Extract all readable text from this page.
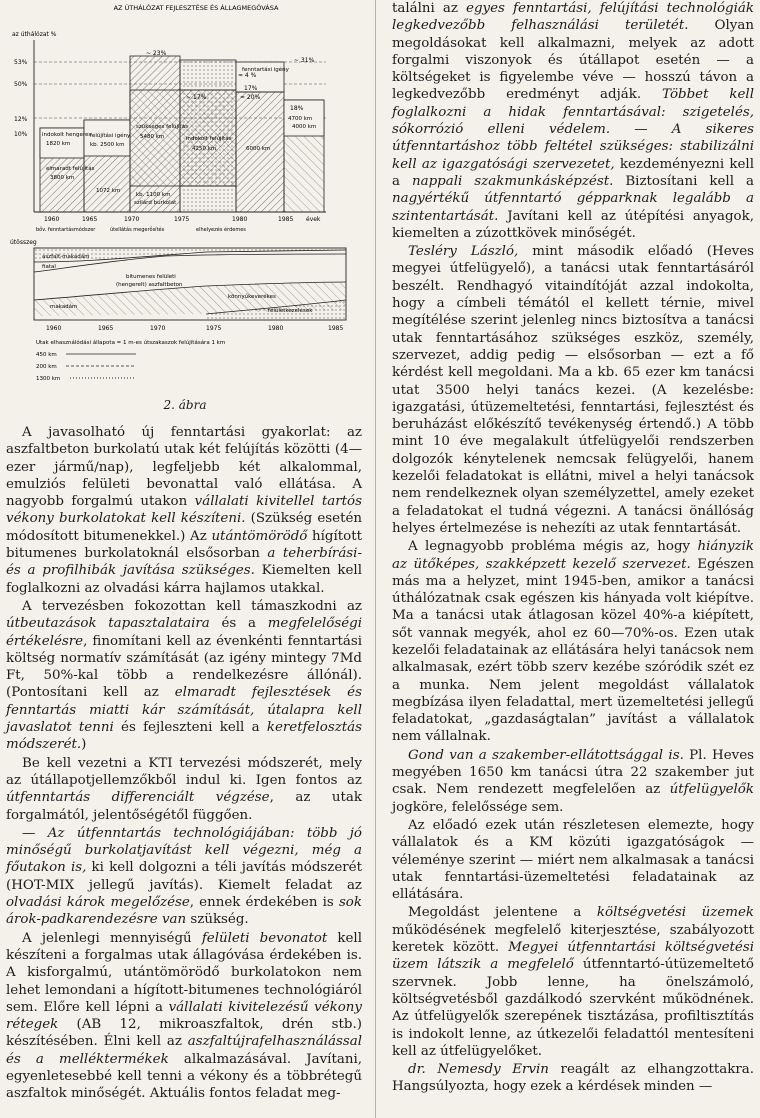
AZ ÚTHÁLÓZAT FEJLESZTÉSE ÉS ÁLLAGMEGÓVÁSA
az úthálózat %
53%
50%
12%
10%
~ 23%
~ 31%
≈ 4 %
~ 17%	≈ 20%
17%
18%
fenntartási igény
felújítási igény
kb. 2500 km
4700 km
szükséges felújítás
5480 km
4000 km
indokolt felújítás
4250 km	6000 km
elmaradt felújítás
3800 km
1072 km
indokolt hengeres
1820 km
kb. 1100 km
szilárd burkolat
1960	1965	1970	1975	1980	1985 évek
bőv. fenntartásmódszer	útellátás megerősítés	elhelyezés érdemes
útösszeg
aszfalt-makadám
fiatal
bitumenes felületi
(hengerelt) aszfaltbeton
makadám
könnyűkeverékes
felületkezelések
1960	1965	1970	1975	1980	1985
Utak elhasználódási állapota = 1 m-es útszakaszok felújítására 1 km
450 km
200 km
1300 km
2. ábra

A javasolható új fenntartási gyakorlat: az aszfaltbeton burkolatú utak két felújítás közötti (4— ezer jármű/nap), legfeljebb két alkalommal, emulziós felületi bevonattal való ellátása. A nagyobb forgalmú utakon vállalati kivitellel tartós vékony burkolatokat kell készíteni. (Szükség esetén módosított bitumenekkel.) Az utántömörödő hígított bitumenes burkolatoknál elsősorban a teherbírási- és a profilhibák javítása szükséges. Kiemelten kell foglalkozni az olvadási kárra hajlamos utakkal.

A tervezésben fokozottan kell támaszkodni az útbeutazások tapasztalataira és a megfelelőségi értékelésre, finomítani kell az évenkénti fenntartási költség normatív számítását (az igény mintegy 7Md Ft, 50%-kal több a rendelkezésre állónál). (Pontosítani kell az elmaradt fejlesztések és fenntartás miatti kár számítását, útalapra kell javaslatot tenni és fejleszteni kell a keretfelosztás módszerét.)

Be kell vezetni a KTI tervezési módszerét, mely az útállapotjellemzőkből indul ki. Igen fontos az útfenntartás differenciált végzése, az utak forgalmától, jelentőségétől függően.

— Az útfenntartás technológiájában: több jó minőségű burkolatjavítást kell végezni, még a főutakon is, ki kell dolgozni a téli javítás módszerét (HOT-MIX jellegű javítás). Kiemelt feladat az olvadási károk megelőzése, ennek érdekében is sok árok-padkarendezésre van szükség.

A jelenlegi mennyiségű felületi bevonatot kell készíteni a forgalmas utak állagóvása érdekében is. A kisforgalmú, utántömörödő burkolatokon nem lehet lemondani a hígított-bitumenes technológiáról sem. Előre kell lépni a vállalati kivitelezésű vékony rétegek (AB 12, mikroaszfaltok, drén stb.) készítésében. Élni kell az aszfaltújrafelhasználással és a melléktermékek alkalmazásával. Javítani, egyenletesebbé kell tenni a vékony és a többrétegű aszfaltok minőségét. Aktuális fontos feladat meg-

találni az egyes fenntartási, felújítási technológiák legkedvezőbb felhasználási területét. Olyan megoldásokat kell alkalmazni, melyek az adott forgalmi viszonyok és útállapot esetén — a költségeket is figyelembe véve — hosszú távon a legkedvezőbb eredményt adják. Többet kell foglalkozni a hidak fenntartásával: szigetelés, sókorrózió elleni védelem. — A sikeres útfenntartáshoz több feltétel szükséges: stabilizálni kell az igazgatósági szervezetet, kezdeményezni kell a nappali szakmunkásképzést. Biztosítani kell a nagyértékű útfenntartó gépparknak legalább a szintentartását. Javítani kell az útépítési anyagok, kiemelten a zúzottkövek minőségét.

Tesléry László, mint második előadó (Heves megyei útfelügyelő), a tanácsi utak fenntartásáról beszélt. Rendhagyó vitaindítóját azzal indokolta, hogy a címbeli témától el kellett térnie, mivel megítélése szerint jelenleg nincs biztosítva a tanácsi utak fenntartásához szükséges eszköz, személy, szervezet, addig pedig — elsősorban — ezt a fő kérdést kell megoldani. Ma a kb. 65 ezer km tanácsi utat 3500 helyi tanács kezei. (A kezelésbe: igazgatási, útüzemeltetési, fenntartási, fejlesztést és beruházást előkészítő tevékenység értendő.) A több mint 10 éve megalakult útfelügyelői rendszerben dolgozók kénytelenek nemcsak felügyelői, hanem kezelői feladatokat is ellátni, mivel a helyi tanácsok nem rendelkeznek olyan személyzettel, amely ezeket a feladatokat el tudná végezni. A tanácsi önállóság helyes értelmezése is nehezíti az utak fenntartását.

A legnagyobb probléma mégis az, hogy hiányzik az ütőképes, szakképzett kezelő szervezet. Egészen más ma a helyzet, mint 1945-ben, amikor a tanácsi úthálózatnak csak egészen kis hányada volt kiépítve. Ma a tanácsi utak átlagosan közel 40%-a kiépített, sőt vannak megyék, ahol ez 60—70%-os. Ezen utak kezelői feladatainak az ellátására helyi tanácsok nem alkalmasak, ezért több szerv kezébe szóródik szét ez a munka. Nem jelent megoldást vállalatok megbízása ilyen feladattal, mert üzemeltetési jellegű feladatokat, „gazdaságtalan” javítást a vállalatok nem vállalnak.

Gond van a szakember-ellátottsággal is. Pl. Heves megyében 1650 km tanácsi útra 22 szakember jut csak. Nem rendezett megfelelően az útfelügyelők jogköre, felelőssége sem.

Az előadó ezek után részletesen elemezte, hogy vállalatok és a KM közúti igazgatóságok — véleménye szerint — miért nem alkalmasak a tanácsi utak fenntartási-üzemeltetési feladatainak az ellátására.

Megoldást jelentene a költségvetési üzemek működésének megfelelő kiterjesztése, szabályozott keretek között. Megyei útfenntartási költségvetési üzem látszik a megfelelő útfenntartó-útüzemeltető szervnek. Jobb lenne, ha önelszámoló, költségvetésből gazdálkodó szervként működnének. Az útfelügyelők szerepének tisztázása, profiltisztítás is indokolt lenne, az útkezelői feladattól mentesíteni kell az útfelügyelőket.

dr. Nemesdy Ervin reagált az elhangzottakra. Hangsúlyozta, hogy ezek a kérdések minden —
